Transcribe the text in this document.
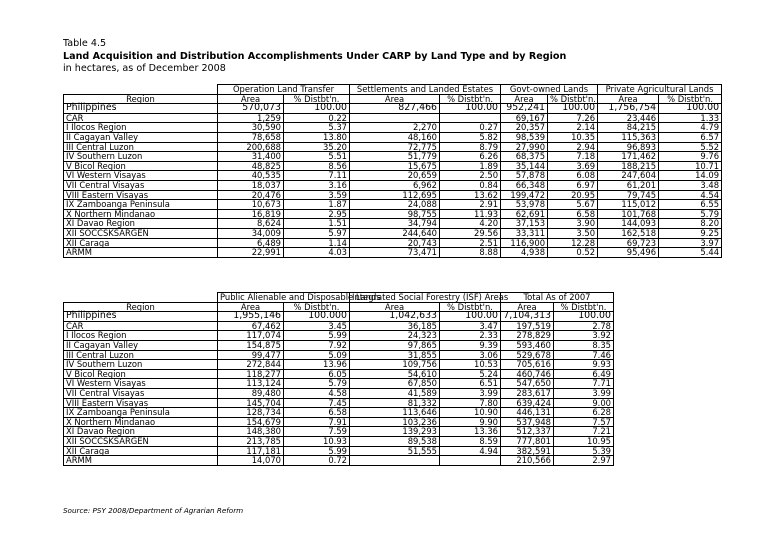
Table 4.5
Land Acquisition and Distribution Accomplishments Under CARP by Land Type and by Region
in hectares, as of December 2008
	Operation Land Transfer		Settlements and Landed Estates		Govt-owned Lands		Private Agricultural Lands	
Region	Area	% Distbt'n.	Area	% Distbt'n.	Area	% Distbt'n.	Area	% Distbt'n.
Philippines	570,073	100.00	827,466	100.00	952,241	100.00	1,756,754	100.00
CAR	1,259	0.22			69,167	7.26	23,446	1.33
I Ilocos Region	30,590	5.37	2,270	0.27	20,357	2.14	84,215	4.79
II Cagayan Valley	78,658	13.80	48,160	5.82	98,539	10.35	115,363	6.57
III Central Luzon	200,688	35.20	72,775	8.79	27,990	2.94	96,893	5.52
IV Southern Luzon	31,400	5.51	51,779	6.26	68,375	7.18	171,462	9.76
V Bicol Region	48,825	8.56	15,675	1.89	35,144	3.69	188,215	10.71
VI Western Visayas	40,535	7.11	20,659	2.50	57,878	6.08	247,604	14.09
VII Central Visayas	18,037	3.16	6,962	0.84	66,348	6.97	61,201	3.48
VIII Eastern Visayas	20,476	3.59	112,695	13.62	199,472	20.95	79,745	4.54
IX Zamboanga Peninsula	10,673	1.87	24,088	2.91	53,978	5.67	115,012	6.55
X Northern Mindanao	16,819	2.95	98,755	11.93	62,691	6.58	101,768	5.79
XI Davao Region	8,624	1.51	34,794	4.20	37,153	3.90	144,093	8.20
XII SOCCSKSARGEN	34,009	5.97	244,640	29.56	33,311	3.50	162,518	9.25
XII Caraga	6,489	1.14	20,743	2.51	116,900	12.28	69,723	3.97
ARMM	22,991	4.03	73,471	8.88	4,938	0.52	95,496	5.44
	Public Alienable and Disposable Lands		Integrated Social Forestry (ISF) Areas		Total As of 2007	
Region	Area	% Distbt'n.	Area	% Distbt'n.	Area	% Distbt'n.
Philippines	1,955,146	100.000	1,042,633	100.00	7,104,313	100.00
CAR	67,462	3.45	36,185	3.47	197,519	2.78
I Ilocos Region	117,074	5.99	24,323	2.33	278,829	3.92
II Cagayan Valley	154,875	7.92	97,865	9.39	593,460	8.35
III Central Luzon	99,477	5.09	31,855	3.06	529,678	7.46
IV Southern Luzon	272,844	13.96	109,756	10.53	705,616	9.93
V Bicol Region	118,277	6.05	54,610	5.24	460,746	6.49
VI Western Visayas	113,124	5.79	67,850	6.51	547,650	7.71
VII Central Visayas	89,480	4.58	41,589	3.99	283,617	3.99
VIII Eastern Visayas	145,704	7.45	81,332	7.80	639,424	9.00
IX Zamboanga Peninsula	128,734	6.58	113,646	10.90	446,131	6.28
X Northern Mindanao	154,679	7.91	103,236	9.90	537,948	7.57
XI Davao Region	148,380	7.59	139,293	13.36	512,337	7.21
XII SOCCSKSARGEN	213,785	10.93	89,538	8.59	777,801	10.95
XII Caraga	117,181	5.99	51,555	4.94	382,591	5.39
ARMM	14,070	0.72			210,566	2.97
Source: PSY 2008/Department of Agrarian Reform
